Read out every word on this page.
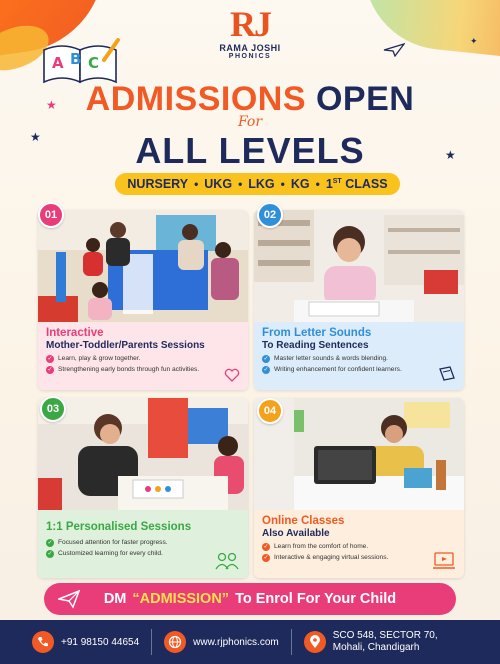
★
★
✦
★
A B C
RJ
RAMA JOSHI
PHONICS
ADMISSIONS OPEN
For
ALL LEVELS
NURSERY • UKG • LKG • KG • 1ST CLASS
01
Interactive
Mother-Toddler/Parents Sessions
✓ Learn, play & grow together.
✓ Strengthening early bonds through fun activities.
02
From Letter Sounds
To Reading Sentences
✓ Master letter sounds & words blending.
✓ Writing enhancement for confident learners.
03
1:1 Personalised Sessions
✓ Focused attention for faster progress.
✓ Customized learning for every child.
04
Online Classes
Also Available
✓ Learn from the comfort of home.
✓ Interactive & engaging virtual sessions.
DM “ADMISSION” To Enrol For Your Child
+91 98150 44654	www.rjphonics.com
SCO 548, SECTOR 70,
Mohali, Chandigarh
